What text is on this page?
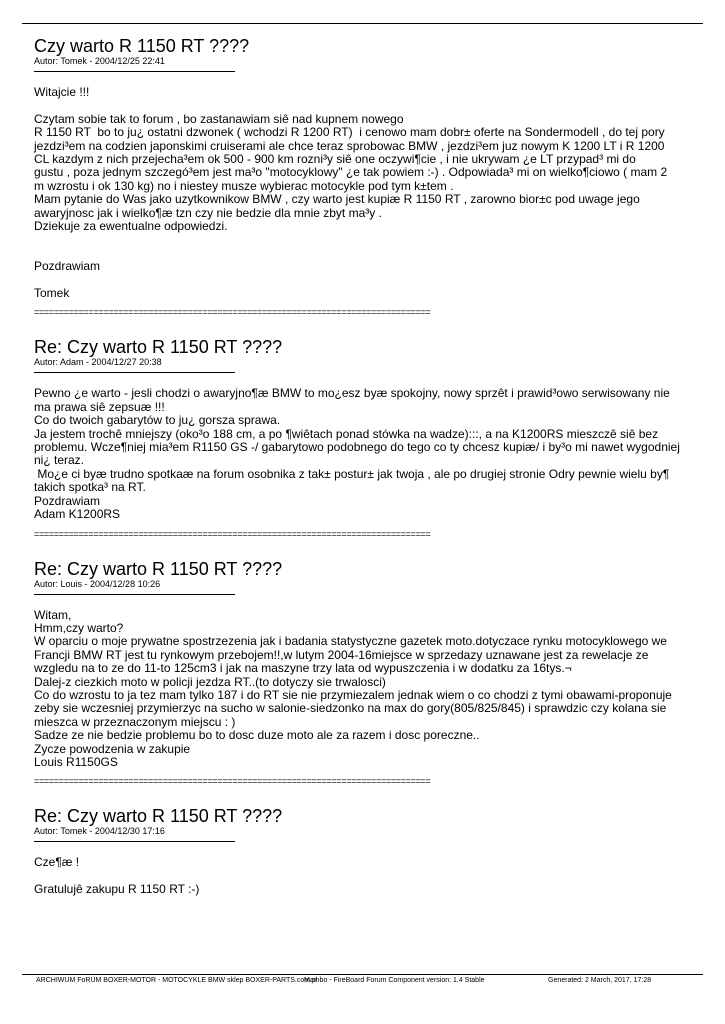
Czy warto R 1150 RT ????
Autor: Tomek - 2004/12/25 22:41

Witajcie !!!

Czytam sobie tak to forum , bo zastanawiam siê nad kupnem nowego

R 1150 RT  bo to ju¿ ostatni dzwonek ( wchodzi R 1200 RT)  i cenowo mam dobr± oferte na Sondermodell , do tej pory

jezdzi³em na codzien japonskimi cruiserami ale chce teraz sprobowac BMW , jezdzi³em juz nowym K 1200 LT i R 1200

CL kazdym z nich przejecha³em ok 500 - 900 km rozni³y siê one oczywi¶cie , i nie ukrywam ¿e LT przypad³ mi do

gustu , poza jednym szczegó³em jest ma³o "motocyklowy" ¿e tak powiem :-) . Odpowiada³ mi on wielko¶ciowo ( mam 2

m wzrostu i ok 130 kg) no i niestey musze wybierac motocykle pod tym k±tem .

Mam pytanie do Was jako uzytkownikow BMW , czy warto jest kupiæ R 1150 RT , zarowno bior±c pod uwage jego

awaryjnosc jak i wielko¶æ tzn czy nie bedzie dla mnie zbyt ma³y .

Dziekuje za ewentualne odpowiedzi.

Pozdrawiam

Tomek

================================================================================
Re: Czy warto R 1150 RT ????
Autor: Adam - 2004/12/27 20:38

Pewno ¿e warto - jesli chodzi o awaryjno¶æ BMW to mo¿esz byæ spokojny, nowy sprzêt i prawid³owo serwisowany nie

ma prawa siê zepsuæ !!!

Co do twoich gabarytów to ju¿ gorsza sprawa.

Ja jestem trochê mniejszy (oko³o 188 cm, a po ¶wiêtach ponad stówka na wadze):::, a na K1200RS mieszczê siê bez

problemu. Wcze¶niej mia³em R1150 GS -/ gabarytowo podobnego do tego co ty chcesz kupiæ/ i by³o mi nawet wygodniej

ni¿ teraz.

Mo¿e ci byæ trudno spotkaæ na forum osobnika z tak± postur± jak twoja , ale po drugiej stronie Odry pewnie wielu by¶

takich spotka³ na RT.

Pozdrawiam

Adam K1200RS

================================================================================
Re: Czy warto R 1150 RT ????
Autor: Louis - 2004/12/28 10:26

Witam,

Hmm,czy warto?

W oparciu o moje prywatne spostrzezenia jak i badania statystyczne gazetek moto.dotyczace rynku motocyklowego we

Francji BMW RT jest tu rynkowym przebojem!!,w lutym 2004-16miejsce w sprzedazy uznawane jest za rewelacje ze

wzgledu na to ze do 11-to 125cm3 i jak na maszyne trzy lata od wypuszczenia i w dodatku za 16tys.¬

Dalej-z ciezkich moto w policji jezdza RT..(to dotyczy sie trwalosci)

Co do wzrostu to ja tez mam tylko 187 i do RT sie nie przymiezalem jednak wiem o co chodzi z tymi obawami-proponuje

zeby sie wczesniej przymierzyc na sucho w salonie-siedzonko na max do gory(805/825/845) i sprawdzic czy kolana sie

mieszca w przeznaczonym miejscu : )

Sadze ze nie bedzie problemu bo to dosc duze moto ale za razem i dosc poreczne..

Zycze powodzenia w zakupie

Louis R1150GS

================================================================================
Re: Czy warto R 1150 RT ????
Autor: Tomek - 2004/12/30 17:16

Cze¶æ !

Gratulujê zakupu R 1150 RT :-)

ARCHIWUM FoRUM BOXER-MOTOR - MOTOCYKLE BMW sklep BOXER-PARTS.com.pl
Mambo - FireBoard Forum Component version: 1.4 Stable	Generated: 2 March, 2017, 17:28
